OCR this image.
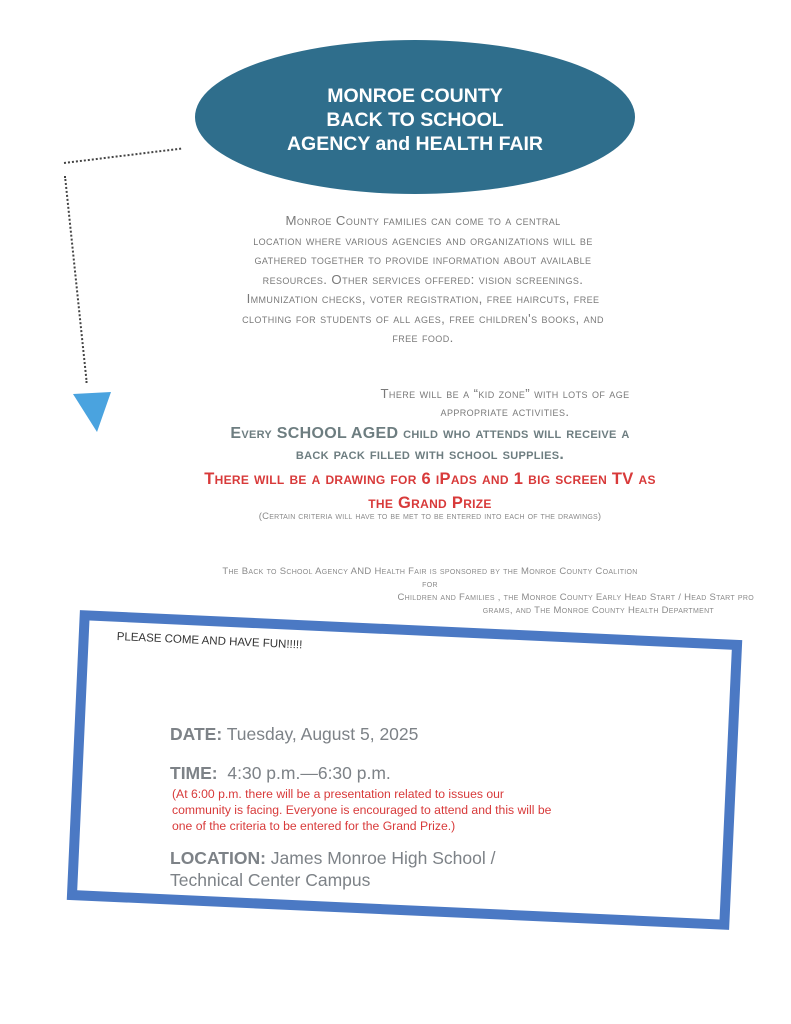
MONROE COUNTY
BACK TO SCHOOL
AGENCY and HEALTH FAIR
Monroe County families can come to a central
location where various agencies and organizations will be
gathered together to provide information about available
resources. Other services offered: vision screenings.
Immunization checks, voter registration, free haircuts, free
clothing for students of all ages, free children's books, and
free food.
There will be a “kid zone” with lots of age
appropriate activities.
Every SCHOOL AGED child who attends will receive a
back pack filled with school supplies.
There will be a drawing for 6 iPads and 1 big screen TV as
the Grand Prize
(Certain criteria will have to be met to be entered into each of the drawings)
The Back to School Agency AND Health Fair is sponsored by the Monroe County Coalition
for
Children and Families , the Monroe County Early Head Start / Head Start pro
grams, and The Monroe County Health Department
PLEASE COME AND HAVE FUN!!!!!
DATE: Tuesday, August 5, 2025
TIME: 4:30 p.m.—6:30 p.m.
(At 6:00 p.m. there will be a presentation related to issues our
community is facing. Everyone is encouraged to attend and this will be
one of the criteria to be entered for the Grand Prize.)
LOCATION: James Monroe High School /
Technical Center Campus
